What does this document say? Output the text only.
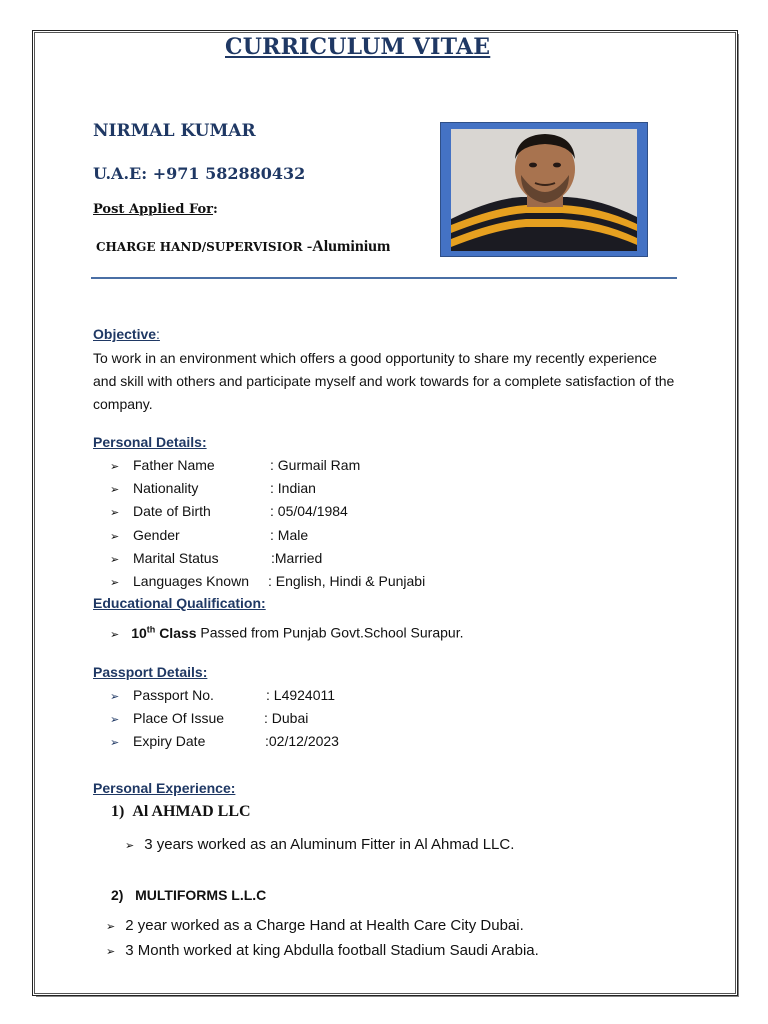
CURRICULUM VITAE
NIRMAL KUMAR
U.A.E: +971 582880432
Post Applied For:
CHARGE HAND/SUPERVISIOR -Aluminium
Objective:
To work in an environment which offers a good opportunity to share my recently experience and skill with others and participate myself and work towards for a complete satisfaction of the company.
Personal Details:
➢ Father Name	: Gurmail Ram
➢ Nationality	: Indian
➢ Date of Birth	: 05/04/1984
➢ Gender	: Male
➢ Marital Status	:Married
➢ Languages Known : English, Hindi & Punjabi
Educational Qualification:
➢ 10th Class Passed from Punjab Govt.School Surapur.
Passport Details:
➢ Passport No.	: L4924011
➢ Place Of Issue	: Dubai
➢ Expiry Date	:02/12/2023
Personal Experience:
1) Al AHMAD LLC
➢ 3 years worked as an Aluminum Fitter in Al Ahmad LLC.
2) MULTIFORMS L.L.C
➢ 2 year worked as a Charge Hand at Health Care City Dubai.
➢ 3 Month worked at king Abdulla football Stadium Saudi Arabia.
